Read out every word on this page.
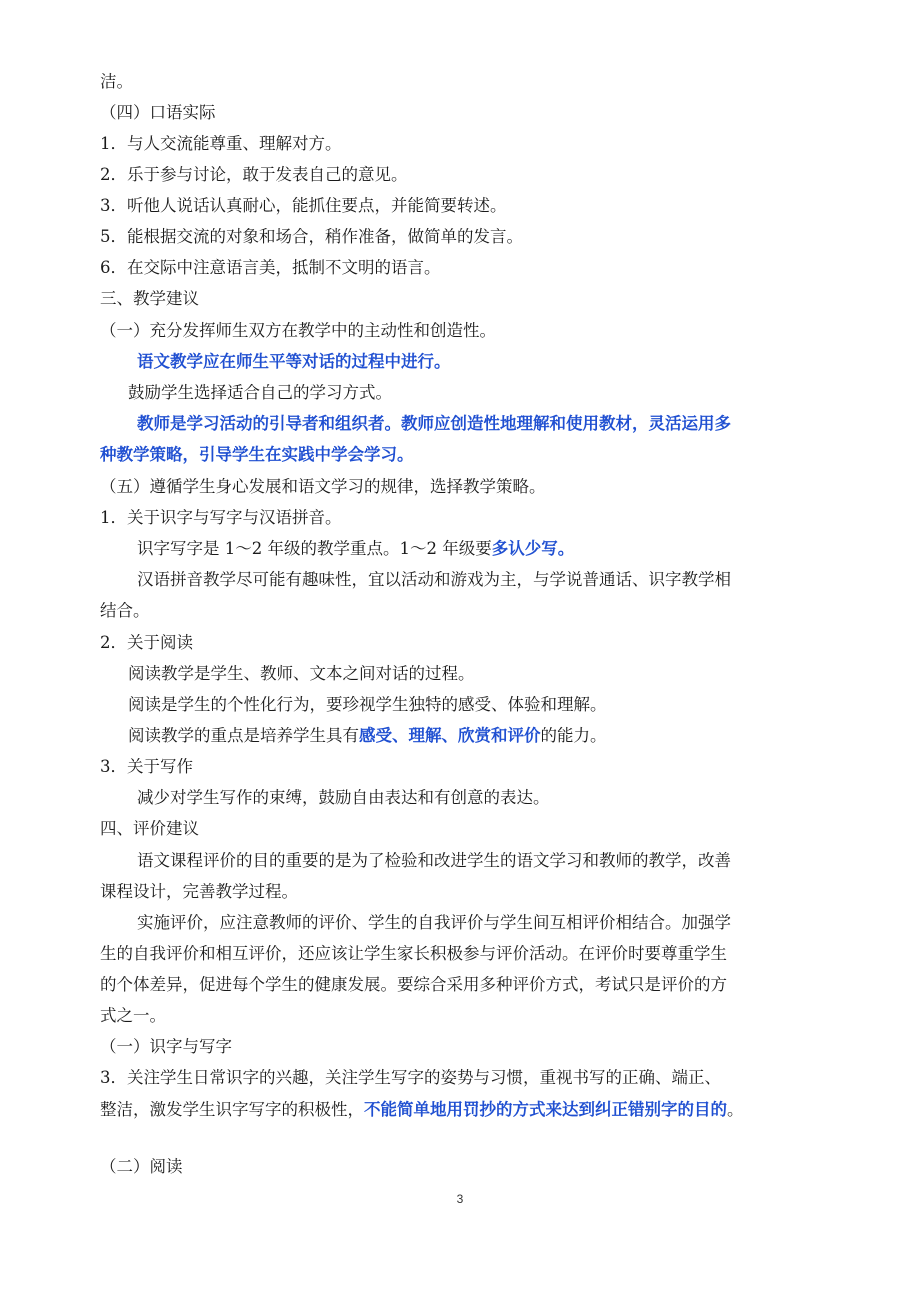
洁。
（四）口语实际
1．与人交流能尊重、理解对方。
2．乐于参与讨论，敢于发表自己的意见。
3．听他人说话认真耐心，能抓住要点，并能简要转述。
5．能根据交流的对象和场合，稍作准备，做简单的发言。
6．在交际中注意语言美，抵制不文明的语言。
三、教学建议
（一）充分发挥师生双方在教学中的主动性和创造性。
语文教学应在师生平等对话的过程中进行。
鼓励学生选择适合自己的学习方式。
教师是学习活动的引导者和组织者。教师应创造性地理解和使用教材，灵活运用多
种教学策略，引导学生在实践中学会学习。
（五）遵循学生身心发展和语文学习的规律，选择教学策略。
1．关于识字与写字与汉语拼音。
识字写字是 1～2 年级的教学重点。1～2 年级要多认少写。
汉语拼音教学尽可能有趣味性，宜以活动和游戏为主，与学说普通话、识字教学相
结合。
2．关于阅读
阅读教学是学生、教师、文本之间对话的过程。
阅读是学生的个性化行为，要珍视学生独特的感受、体验和理解。
阅读教学的重点是培养学生具有感受、理解、欣赏和评价的能力。
3．关于写作
减少对学生写作的束缚，鼓励自由表达和有创意的表达。
四、评价建议
语文课程评价的目的重要的是为了检验和改进学生的语文学习和教师的教学，改善
课程设计，完善教学过程。
实施评价，应注意教师的评价、学生的自我评价与学生间互相评价相结合。加强学
生的自我评价和相互评价，还应该让学生家长积极参与评价活动。在评价时要尊重学生
的个体差异，促进每个学生的健康发展。要综合采用多种评价方式，考试只是评价的方
式之一。
（一）识字与写字
3．关注学生日常识字的兴趣，关注学生写字的姿势与习惯，重视书写的正确、端正、
整洁，激发学生识字写字的积极性，不能简单地用罚抄的方式来达到纠正错别字的目的。
（二）阅读
3
